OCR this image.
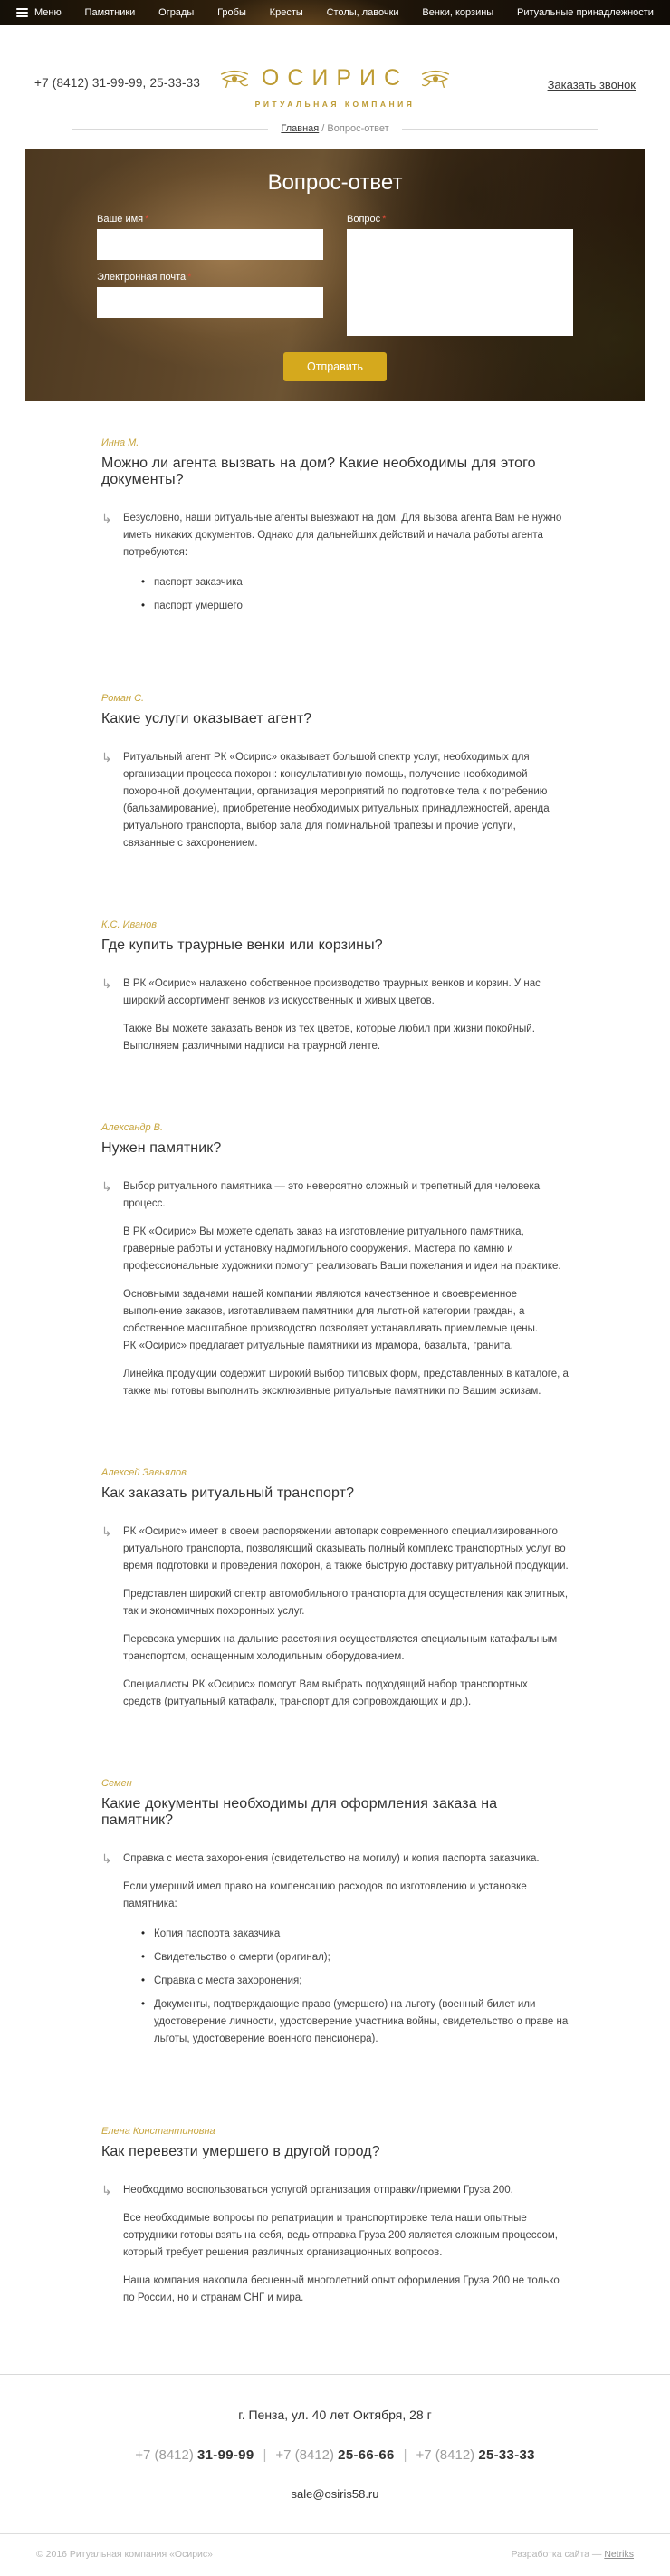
Меню Памятники Ограды Гробы Кресты Столы, лавочки Венки, корзины Ритуальные принадлежности
+7 (8412) 31-99-99, 25-33-33	ОСИРИС
РИТУАЛЬНАЯ КОМПАНИЯ
Заказать звонок
Главная / Вопрос-ответ
Вопрос-ответ
Ваше имя *
Электронная почта *
Вопрос *
Отправить
Инна М.
Можно ли агента вызвать на дом? Какие необходимы для этого документы?
↳	Безусловно, наши ритуальные агенты выезжают на дом. Для вызова агента Вам не нужно иметь никаких документов. Однако для дальнейших действий и начала работы агента потребуются:

• паспорт заказчика
• паспорт умершего
Роман С.
Какие услуги оказывает агент?
↳	Ритуальный агент РК «Осирис» оказывает большой спектр услуг, необходимых для организации процесса похорон: консультативную помощь, получение необходимой похоронной документации, организация мероприятий по подготовке тела к погребению (бальзамирование), приобретение необходимых ритуальных принадлежностей, аренда ритуального транспорта, выбор зала для поминальной трапезы и прочие услуги, связанные с захоронением.

К.С. Иванов
Где купить траурные венки или корзины?
↳	В РК «Осирис» налажено собственное производство траурных венков и корзин. У нас широкий ассортимент венков из искусственных и живых цветов.

Также Вы можете заказать венок из тех цветов, которые любил при жизни покойный. Выполняем различными надписи на траурной ленте.

Александр В.
Нужен памятник?
↳	Выбор ритуального памятника — это невероятно сложный и трепетный для человека процесс.

В РК «Осирис» Вы можете сделать заказ на изготовление ритуального памятника, граверные работы и установку надмогильного сооружения. Мастера по камню и профессиональные художники помогут реализовать Ваши пожелания и идеи на практике.

Основными задачами нашей компании являются качественное и своевременное выполнение заказов, изготавливаем памятники для льготной категории граждан, а собственное масштабное производство позволяет устанавливать приемлемые цены.
РК «Осирис» предлагает ритуальные памятники из мрамора, базальта, гранита.

Линейка продукции содержит широкий выбор типовых форм, представленных в каталоге, а также мы готовы выполнить эксклюзивные ритуальные памятники по Вашим эскизам.

Алексей Завьялов
Как заказать ритуальный транспорт?
↳	РК «Осирис» имеет в своем распоряжении автопарк современного специализированного ритуального транспорта, позволяющий оказывать полный комплекс транспортных услуг во время подготовки и проведения похорон, а также быструю доставку ритуальной продукции.

Представлен широкий спектр автомобильного транспорта для осуществления как элитных, так и экономичных похоронных услуг.

Перевозка умерших на дальние расстояния осуществляется специальным катафальным транспортом, оснащенным холодильным оборудованием.

Специалисты РК «Осирис» помогут Вам выбрать подходящий набор транспортных средств (ритуальный катафалк, транспорт для сопровождающих и др.).

Семен
Какие документы необходимы для оформления заказа на памятник?
↳	Справка с места захоронения (свидетельство на могилу) и копия паспорта заказчика.

Если умерший имел право на компенсацию расходов по изготовлению и установке памятника:

• Копия паспорта заказчика
• Свидетельство о смерти (оригинал);
• Справка с места захоронения;
• Документы, подтверждающие право (умершего) на льготу (военный билет или удостоверение личности, удостоверение участника войны, свидетельство о праве на льготы, удостоверение военного пенсионера).
Елена Константиновна
Как перевезти умершего в другой город?
↳	Необходимо воспользоваться услугой организация отправки/приемки Груза 200.

Все необходимые вопросы по репатриации и транспортировке тела наши опытные сотрудники готовы взять на себя, ведь отправка Груза 200 является сложным процессом, который требует решения различных организационных вопросов.

Наша компания накопила бесценный многолетний опыт оформления Груза 200 не только по России, но и странам СНГ и мира.

г. Пенза, ул. 40 лет Октября, 28 г
+7 (8412) 31-99-99 | +7 (8412) 25-66-66 | +7 (8412) 25-33-33
sale@osiris58.ru
© 2016 Ритуальная компания «Осирис»	Разработка сайта — Netriks
